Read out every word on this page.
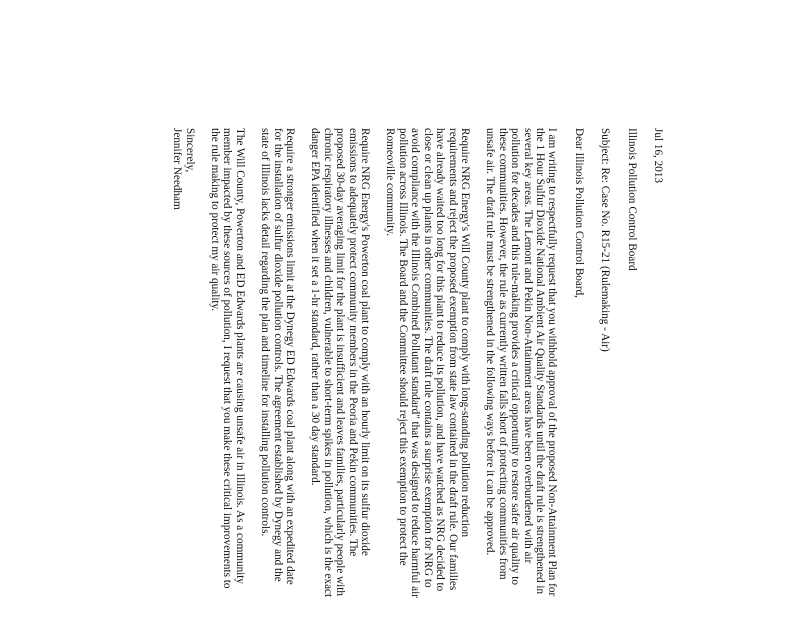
Jul 16, 2013

Illinois Pollution Control Board

Subject: Re: Case No. R15-21 (Rulemaking - Air)

Dear Illinois Pollution Control Board,

I am writing to respectfully request that you withhold approval of the proposed Non-Attainment Plan for the 1 Hour Sulfur Dioxide National Ambient Air Quality Standards until the draft rule is strengthened in several key areas. The Lemont and Pekin Non-Attainment areas have been overburdened with air pollution for decades and this rule-making provides a critical opportunity to restore safer air quality to these communities. However, the rule as currently written falls short of protecting communities from unsafe air. The draft rule must be strengthened in the following ways before it can be approved.

Require NRG Energy's Will County plant to comply with long-standing pollution reduction requirements and reject the proposed exemption from state law contained in the draft rule. Our families have already waited too long for this plant to reduce its pollution, and have watched as NRG decided to close or clean up plants in other communities. The draft rule contains a surprise exemption for NRG to avoid compliance with the Illinois Combined Pollutant standard" that was designed to reduce harmful air pollution across Illinois. The Board and the Committee should reject this exemption to protect the Romeoville community.

Require NRG Energy's Powerton coal plant to comply with an hourly limit on its sulfur dioxide emissions to adequately protect community members in the Peoria and Pekin communities. The proposed 30-day averaging limit for the plant is insufficient and leaves families, particularly people with chronic respiratory illnesses and children, vulnerable to short-term spikes in pollution, which is the exact danger EPA identified when it set a 1-hr standard, rather than a 30 day standard.

Require a stronger emissions limit at the Dynegy ED Edwards coal plant along with an expedited date for the installation of sulfur dioxide pollution controls. The agreement established by Dynegy and the state of Illinois lacks detail regarding the plan and timeline for installing pollution controls.

The Will County, Powerton and ED Edwards plants are causing unsafe air in Illinois. As a community member impacted by these sources of pollution, I request that you make these critical improvements to the rule making to protect my air quality.

Sincerely,

Jennifer Needham
